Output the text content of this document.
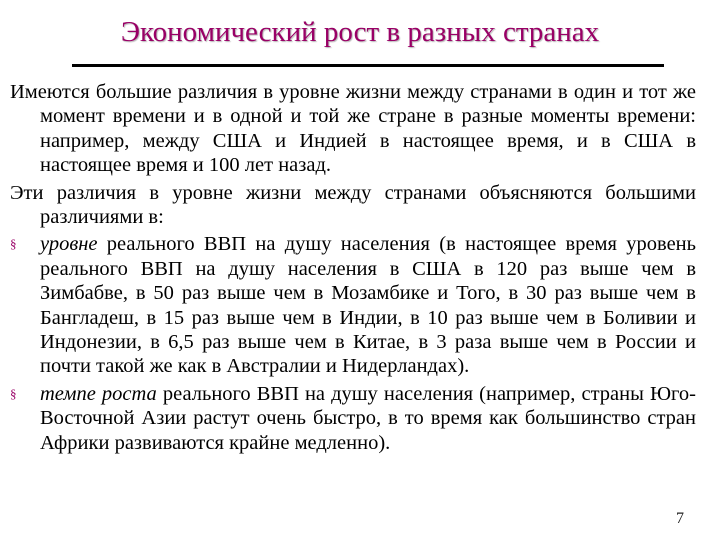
Экономический рост в разных странах

Имеются большие различия в уровне жизни между странами в один и тот же момент времени и в одной и той же стране в разные моменты времени: например, между США и Индией в настоящее время, и в США в настоящее время и 100 лет назад.

Эти различия в уровне жизни между странами объясняются большими различиями в:

§	уровне реального ВВП на душу населения (в настоящее время уровень реального ВВП на душу населения в США в 120 раз выше чем в Зимбабве, в 50 раз выше чем в Мозамбике и Того, в 30 раз выше чем в Бангладеш, в 15 раз выше чем в Индии, в 10 раз выше чем в Боливии и Индонезии, в 6,5 раз выше чем в Китае, в 3 раза выше чем в России и почти такой же как в Австралии и Нидерландах).

§	темпе роста реального ВВП на душу населения (например, страны Юго-Восточной Азии растут очень быстро, в то время как большинство стран Африки развиваются крайне медленно).

7
